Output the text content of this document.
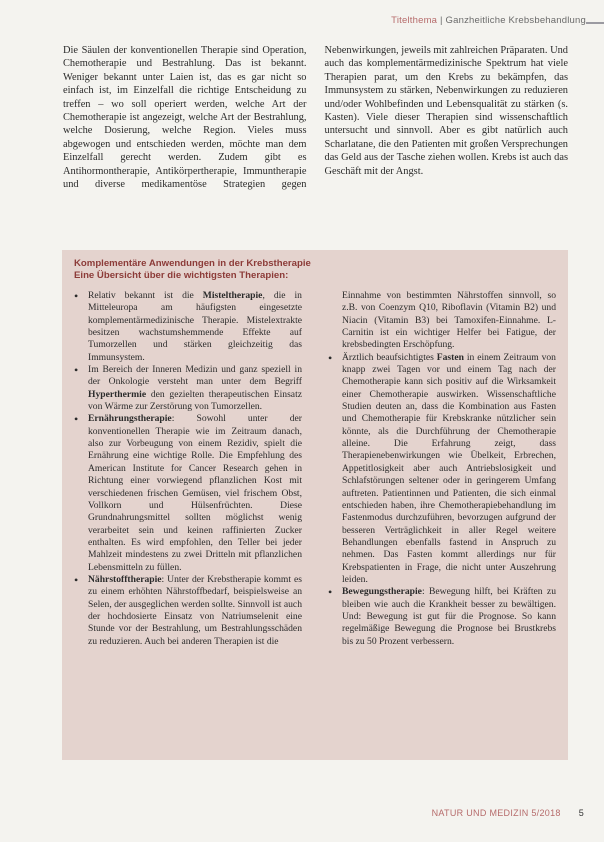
Titelthema | Ganzheitliche Krebsbehandlung

Die Säulen der konventionellen Therapie sind Operation, Chemotherapie und Bestrahlung. Das ist bekannt. Weniger bekannt unter Laien ist, das es gar nicht so einfach ist, im Einzelfall die richtige Entscheidung zu treffen – wo soll operiert werden, welche Art der Chemotherapie ist angezeigt, welche Art der Bestrahlung, welche Dosierung, welche Region. Vieles muss abgewogen und entschieden werden, möchte man dem Einzelfall gerecht werden. Zudem gibt es Antihormontherapie, Antikörpertherapie, Immuntherapie und diverse medikamentöse Strategien gegen Nebenwirkungen, jeweils mit zahlreichen Präparaten. Und auch das komplementärmedizinische Spektrum hat viele Therapien parat, um den Krebs zu bekämpfen, das Immunsystem zu stärken, Nebenwirkungen zu reduzieren und/oder Wohlbefinden und Lebensqualität zu stärken (s. Kasten). Viele dieser Therapien sind wissenschaftlich untersucht und sinnvoll. Aber es gibt natürlich auch Scharlatane, die den Patienten mit großen Versprechungen das Geld aus der Tasche ziehen wollen. Krebs ist auch das Geschäft mit der Angst.

Komplementäre Anwendungen in der Krebstherapie
Eine Übersicht über die wichtigsten Therapien:
• Relativ bekannt ist die Misteltherapie, die in Mitteleuropa am häufigsten eingesetzte komplementärmedizinische Therapie. Mistelextrakte besitzen wachstumshemmende Effekte auf Tumorzellen und stärken gleichzeitig das Immunsystem.
• Im Bereich der Inneren Medizin und ganz speziell in der Onkologie versteht man unter dem Begriff Hyperthermie den gezielten therapeutischen Einsatz von Wärme zur Zerstörung von Tumorzellen.
• Ernährungstherapie: Sowohl unter der konventionellen Therapie wie im Zeitraum danach, also zur Vorbeugung von einem Rezidiv, spielt die Ernährung eine wichtige Rolle. Die Empfehlung des American Institute for Cancer Research gehen in Richtung einer vorwiegend pflanzlichen Kost mit verschiedenen frischen Gemüsen, viel frischem Obst, Vollkorn und Hülsenfrüchten. Diese Grundnahrungsmittel sollten möglichst wenig verarbeitet sein und keinen raffinierten Zucker enthalten. Es wird empfohlen, den Teller bei jeder Mahlzeit mindestens zu zwei Dritteln mit pflanzlichen Lebensmitteln zu füllen.
• Nährstofftherapie: Unter der Krebstherapie kommt es zu einem erhöhten Nährstoffbedarf, beispielsweise an Selen, der ausgeglichen werden sollte. Sinnvoll ist auch der hochdosierte Einsatz von Natriumselenit eine Stunde vor der Bestrahlung, um Bestrahlungsschäden zu reduzieren. Auch bei anderen Therapien ist die

Einnahme von bestimmten Nährstoffen sinnvoll, so z.B. von Coenzym Q10, Riboflavin (Vitamin B2) und Niacin (Vitamin B3) bei Tamoxifen-Einnahme. L-Carnitin ist ein wichtiger Helfer bei Fatigue, der krebsbedingten Erschöpfung.

• Ärztlich beaufsichtigtes Fasten in einem Zeitraum von knapp zwei Tagen vor und einem Tag nach der Chemotherapie kann sich positiv auf die Wirksamkeit einer Chemotherapie auswirken. Wissenschaftliche Studien deuten an, dass die Kombination aus Fasten und Chemotherapie für Krebskranke nützlicher sein könnte, als die Durchführung der Chemotherapie alleine. Die Erfahrung zeigt, dass Therapienebenwirkungen wie Übelkeit, Erbrechen, Appetitlosigkeit aber auch Antriebslosigkeit und Schlafstörungen seltener oder in geringerem Umfang auftreten. Patientinnen und Patienten, die sich einmal entschieden haben, ihre Chemotherapiebehandlung im Fastenmodus durchzuführen, bevorzugen aufgrund der besseren Verträglichkeit in aller Regel weitere Behandlungen ebenfalls fastend in Anspruch zu nehmen. Das Fasten kommt allerdings nur für Krebspatienten in Frage, die nicht unter Auszehrung leiden.
• Bewegungstherapie: Bewegung hilft, bei Kräften zu bleiben wie auch die Krankheit besser zu bewältigen. Und: Bewegung ist gut für die Prognose. So kann regelmäßige Bewegung die Prognose bei Brustkrebs bis zu 50 Prozent verbessern.
NATUR UND MEDIZIN 5/2018 5
